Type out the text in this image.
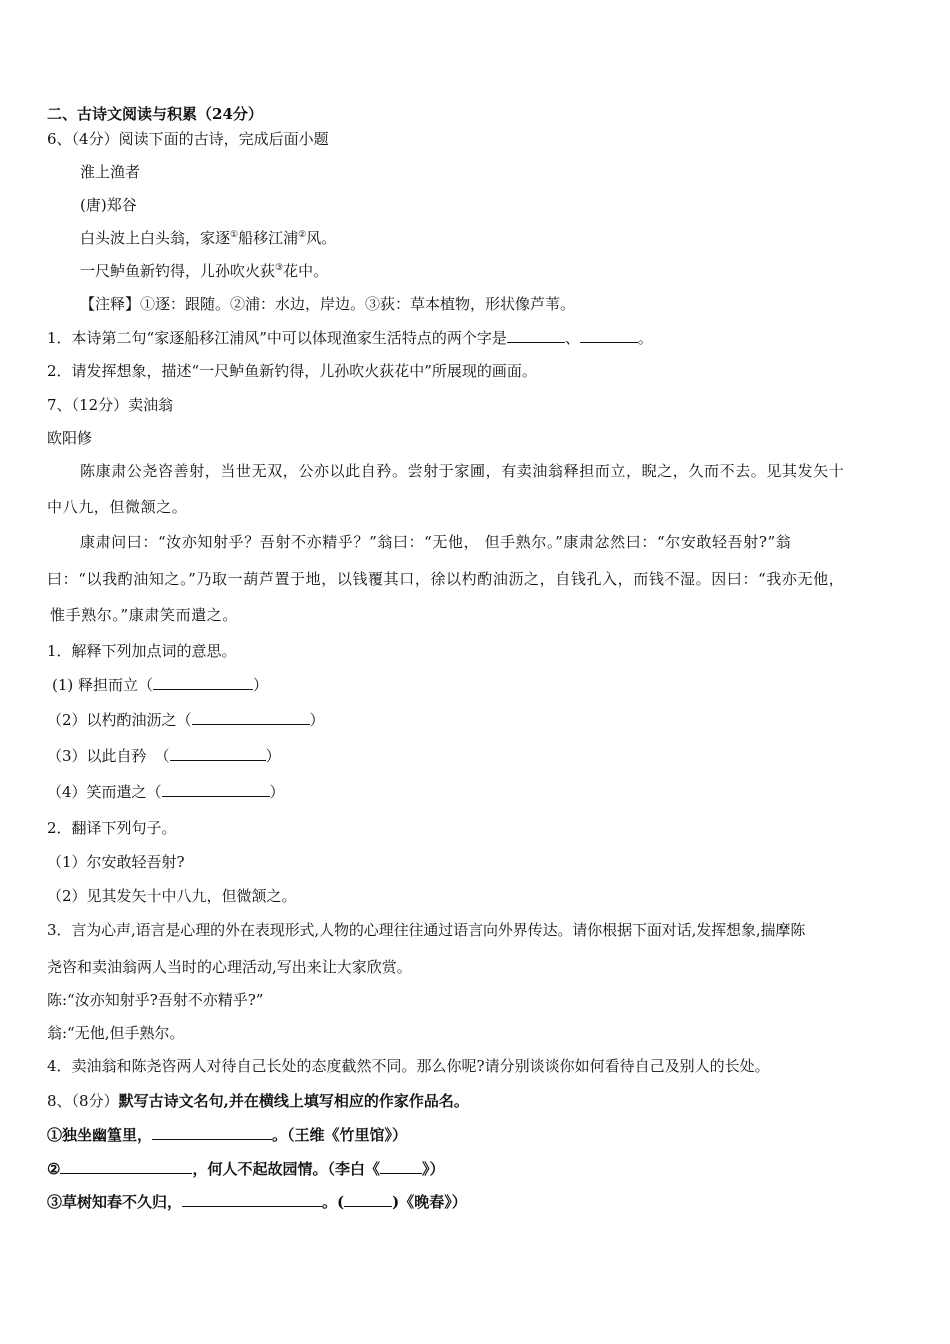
二、古诗文阅读与积累（24分）
6、（4分）阅读下面的古诗，完成后面小题
淮上渔者
(唐)郑谷
白头波上白头翁，家逐①船移江浦②风。
一尺鲈鱼新钓得，儿孙吹火荻③花中。
【注释】①逐：跟随。②浦：水边，岸边。③荻：草本植物，形状像芦苇。
1．本诗第二句“家逐船移江浦风”中可以体现渔家生活特点的两个字是	、	。
2．请发挥想象，描述“一尺鲈鱼新钓得，儿孙吹火荻花中”所展现的画面。
7、（12分）卖油翁
欧阳修
陈康肃公尧咨善射，当世无双，公亦以此自矜。尝射于家圃，有卖油翁释担而立，睨之，久而不去。见其发矢十
中八九，但微颔之。
康肃问曰：“汝亦知射乎？吾射不亦精乎？”翁曰：“无他， 但手熟尔。”康肃忿然曰：“尔安敢轻吾射?”翁
曰：“以我酌油知之。”乃取一葫芦置于地，以钱覆其口，徐以杓酌油沥之，自钱孔入，而钱不湿。因曰：“我亦无他，
惟手熟尔。”康肃笑而遣之。
1．解释下列加点词的意思。
(1) 释担而立（	）
（2）以杓酌油沥之（	）
（3）以此自矜 （	）
（4）笑而遣之（	）
2．翻译下列句子。
（1）尔安敢轻吾射?
（2）见其发矢十中八九，但微颔之。
3．言为心声,语言是心理的外在表现形式,人物的心理往往通过语言向外界传达。请你根据下面对话,发挥想象,揣摩陈
尧咨和卖油翁两人当时的心理活动,写出来让大家欣赏。
陈:“汝亦知射乎?吾射不亦精乎?”
翁:“无他,但手熟尔。
4．卖油翁和陈尧咨两人对待自己长处的态度截然不同。那么你呢?请分别谈谈你如何看待自己及别人的长处。
8、（8分）默写古诗文名句,并在横线上填写相应的作家作品名。
①独坐幽篁里，	。（王维《竹里馆》）
②	，何人不起故园情。（李白《	》）
③草树知春不久归，	。(	)《晚春》）
